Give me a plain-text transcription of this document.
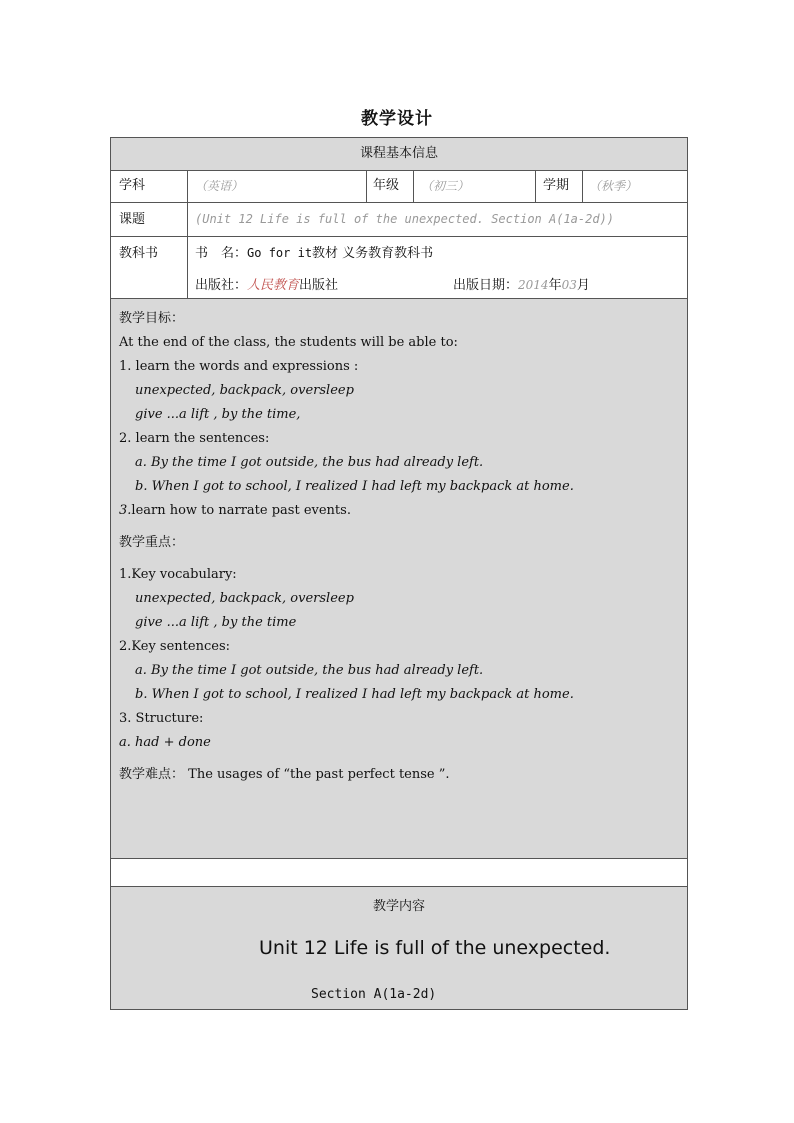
教学设计
课程基本信息
学科	（英语）	年级 （初三）	学期 （秋季）
课题	(Unit 12 Life is full of the unexpected. Section A(1a-2d))
教科书	书　名：Go for it教材 义务教育教科书
出版社：人民教育出版社	出版日期：2014年03月
教学目标：
At the end of the class, the students will be able to:
1. learn the words and expressions :
unexpected, backpack, oversleep
give ...a lift , by the time,
2. learn the sentences:
a. By the time I got outside, the bus had already left.
b. When I got to school, I realized I had left my backpack at home.
3.learn how to narrate past events.
教学重点：
1.Key vocabulary:
unexpected, backpack, oversleep
give ...a lift , by the time
2.Key sentences:
a. By the time I got outside, the bus had already left.
b. When I got to school, I realized I had left my backpack at home.
3. Structure:
a. had + done
教学难点： The usages of “the past perfect tense ”.
教学内容
Unit 12 Life is full of the unexpected.
Section A(1a-2d)
